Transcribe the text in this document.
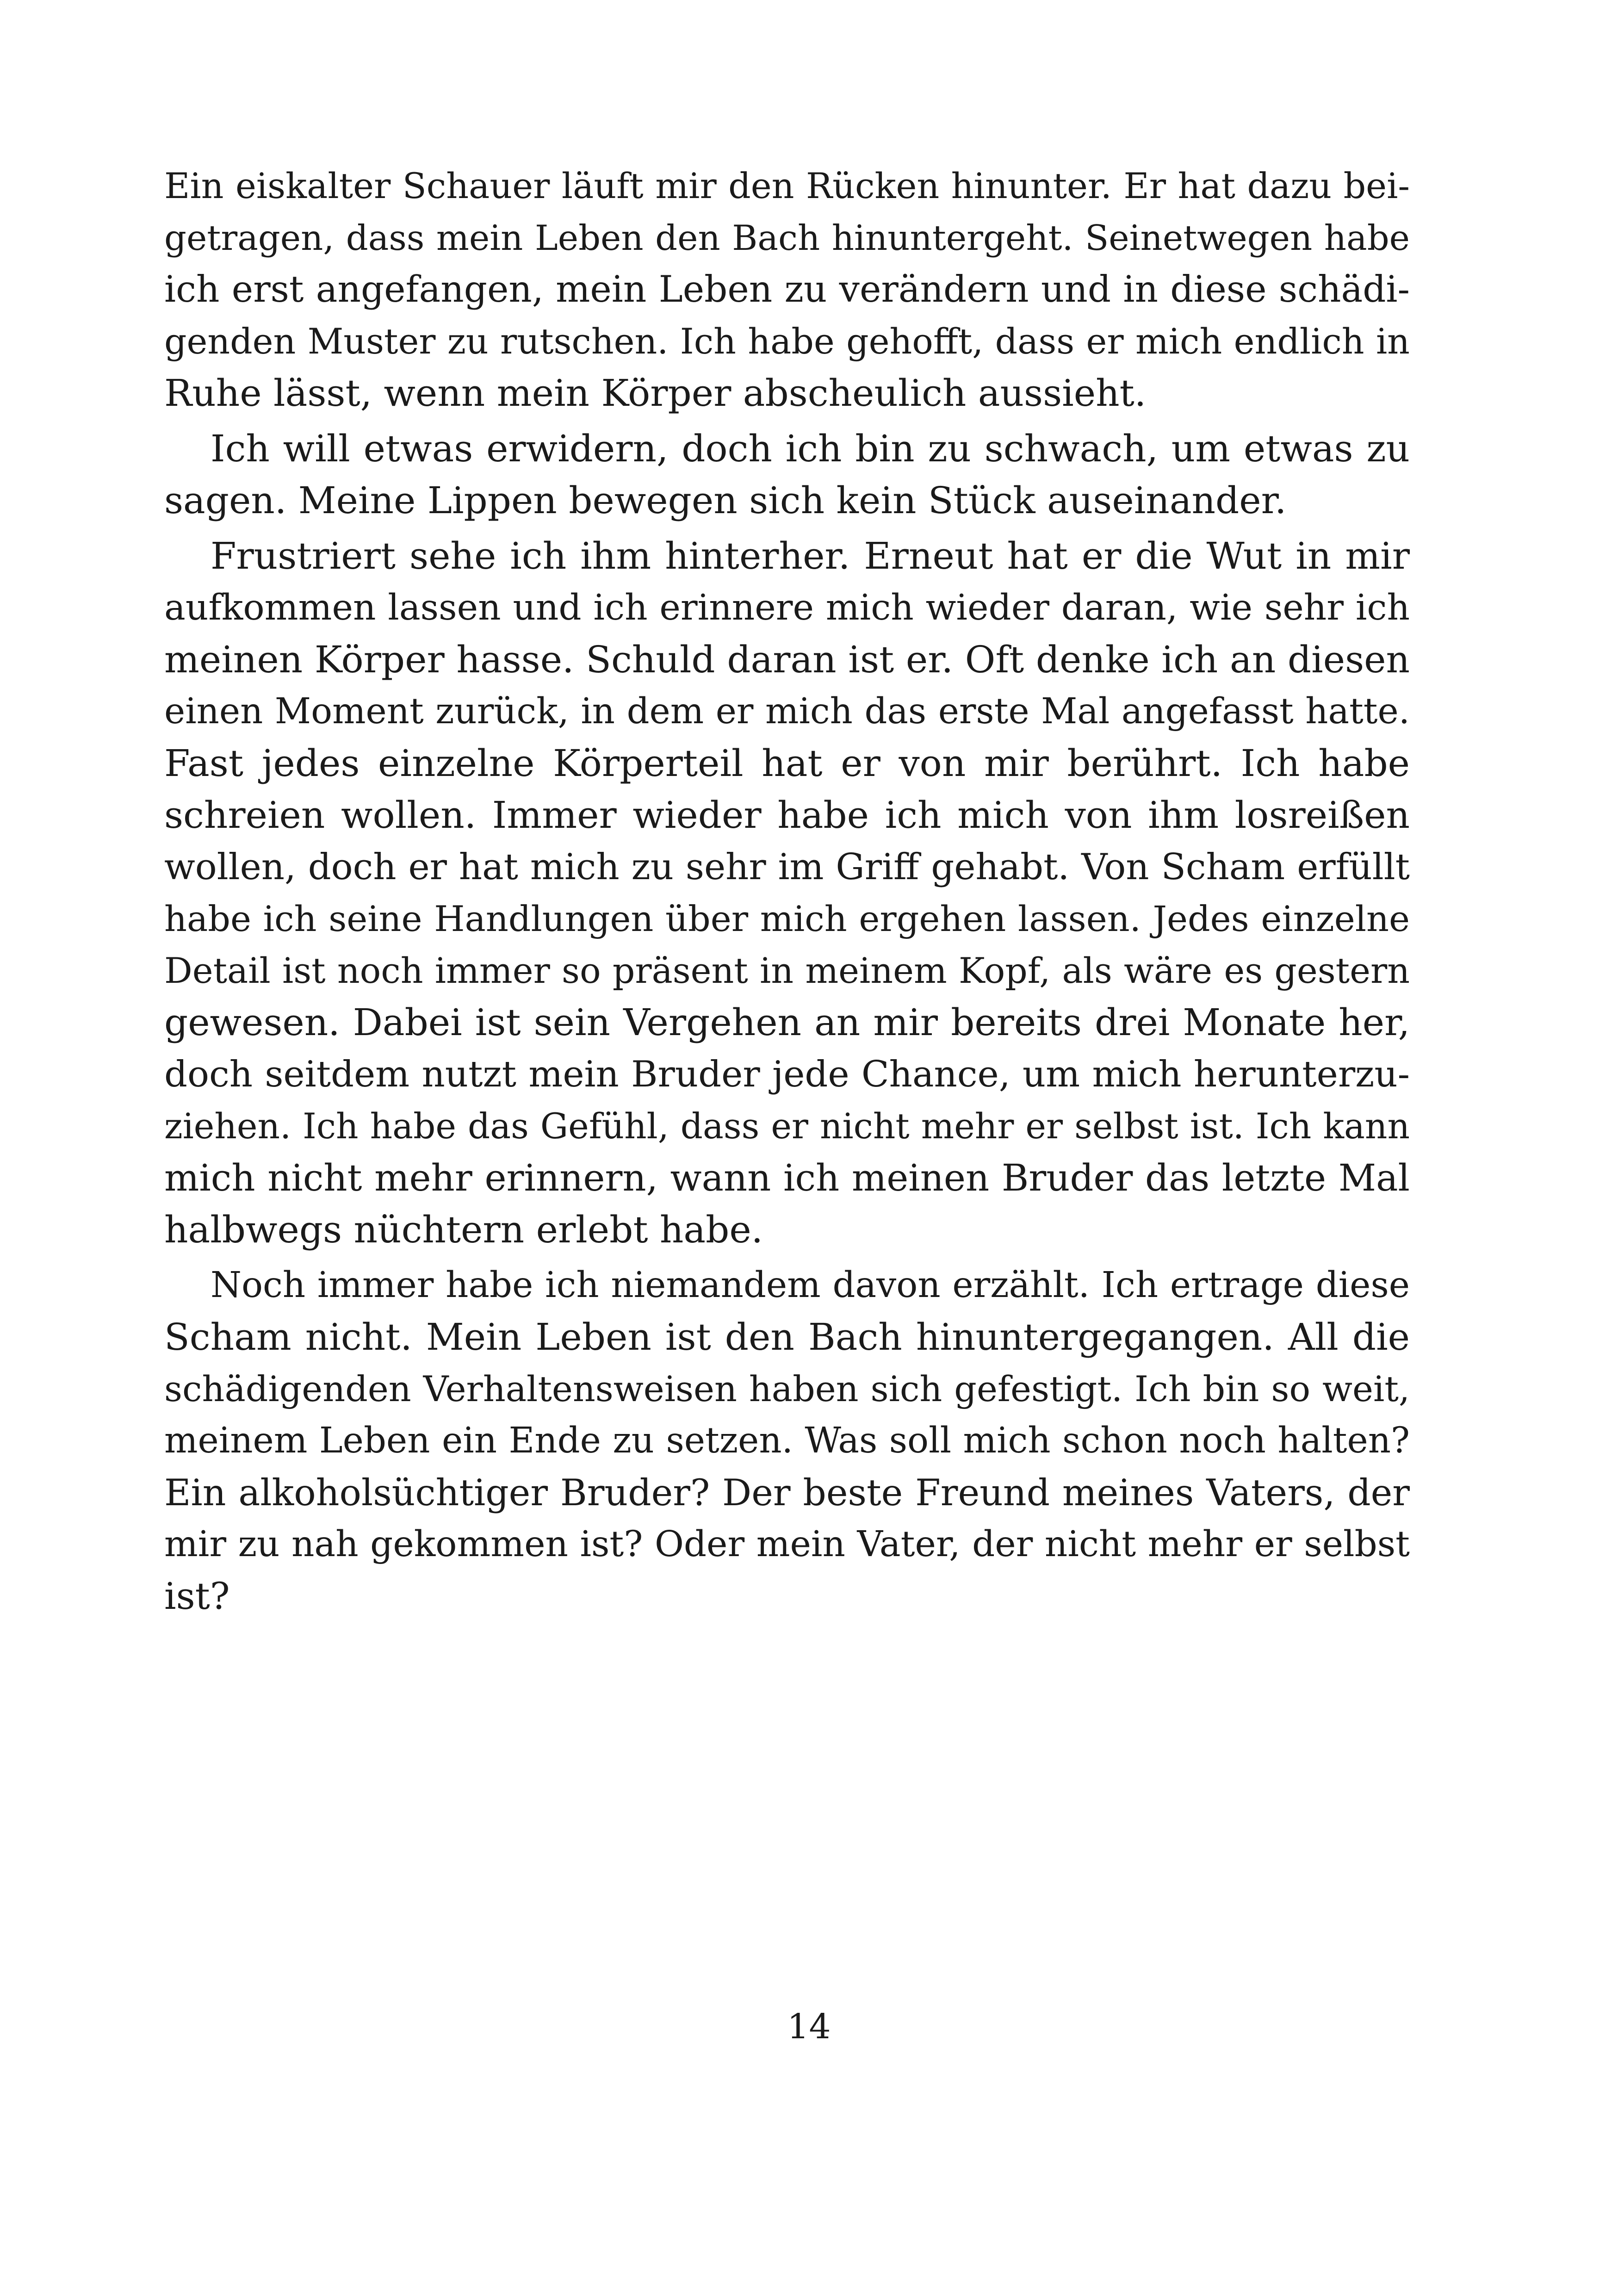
Ein eiskalter Schauer läuft mir den Rücken hinunter. Er hat dazu bei-
getragen, dass mein Leben den Bach hinuntergeht. Seinetwegen habe
ich erst angefangen, mein Leben zu verändern und in diese schädi-
genden Muster zu rutschen. Ich habe gehofft, dass er mich endlich in
Ruhe lässt, wenn mein Körper abscheulich aussieht.
Ich will etwas erwidern, doch ich bin zu schwach, um etwas zu
sagen. Meine Lippen bewegen sich kein Stück auseinander.
Frustriert sehe ich ihm hinterher. Erneut hat er die Wut in mir
aufkommen lassen und ich erinnere mich wieder daran, wie sehr ich
meinen Körper hasse. Schuld daran ist er. Oft denke ich an diesen
einen Moment zurück, in dem er mich das erste Mal angefasst hatte.
Fast jedes einzelne Körperteil hat er von mir berührt. Ich habe
schreien wollen. Immer wieder habe ich mich von ihm losreißen
wollen, doch er hat mich zu sehr im Griff gehabt. Von Scham erfüllt
habe ich seine Handlungen über mich ergehen lassen. Jedes einzelne
Detail ist noch immer so präsent in meinem Kopf, als wäre es gestern
gewesen. Dabei ist sein Vergehen an mir bereits drei Monate her,
doch seitdem nutzt mein Bruder jede Chance, um mich herunterzu-
ziehen. Ich habe das Gefühl, dass er nicht mehr er selbst ist. Ich kann
mich nicht mehr erinnern, wann ich meinen Bruder das letzte Mal
halbwegs nüchtern erlebt habe.
Noch immer habe ich niemandem davon erzählt. Ich ertrage diese
Scham nicht. Mein Leben ist den Bach hinuntergegangen. All die
schädigenden Verhaltensweisen haben sich gefestigt. Ich bin so weit,
meinem Leben ein Ende zu setzen. Was soll mich schon noch halten?
Ein alkoholsüchtiger Bruder? Der beste Freund meines Vaters, der
mir zu nah gekommen ist? Oder mein Vater, der nicht mehr er selbst
ist?
14
